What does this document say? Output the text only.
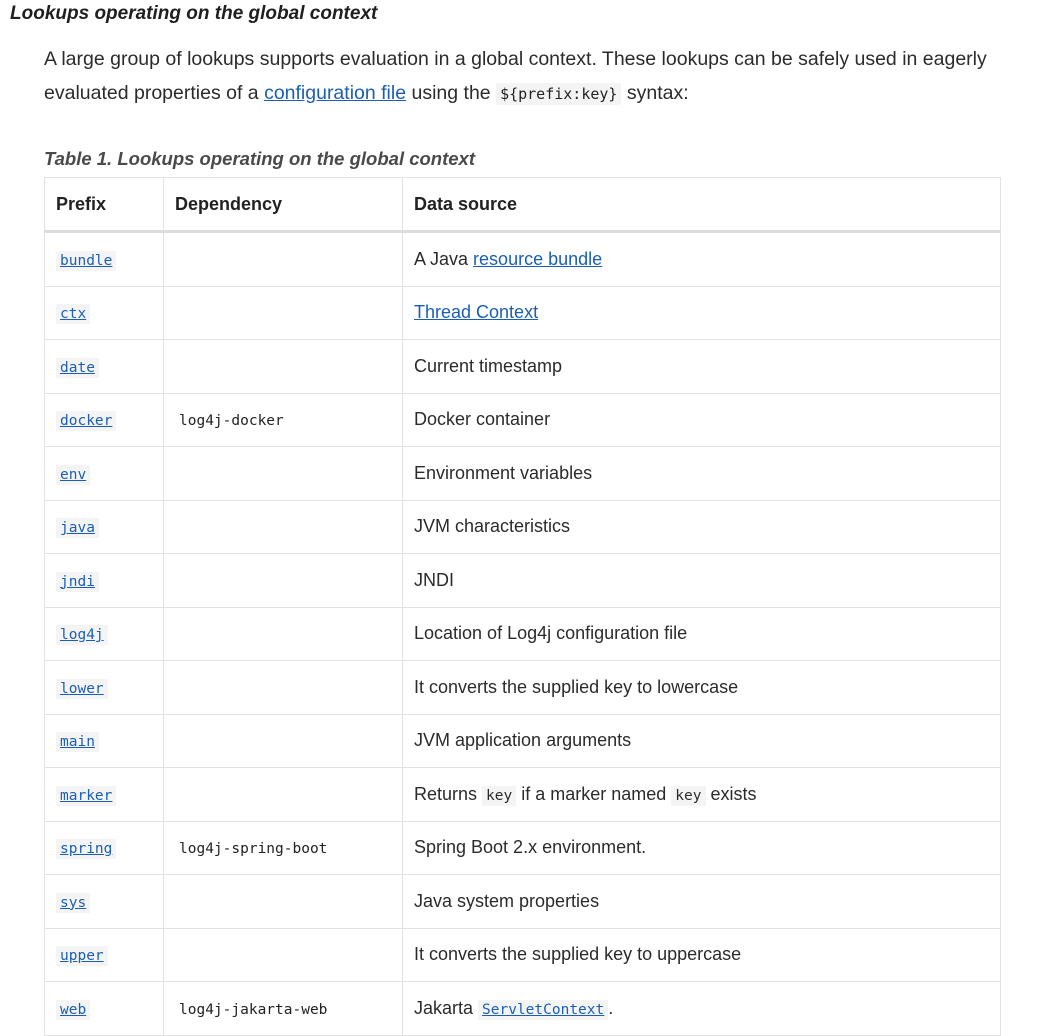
Lookups operating on the global context

A large group of lookups supports evaluation in a global context. These lookups can be safely used in eagerly evaluated properties of a configuration file using the ${prefix:key} syntax:

Table 1. Lookups operating on the global context
Prefix	Dependency	Data source
bundle		A Java resource bundle
ctx		Thread Context
date		Current timestamp
docker	log4j-docker	Docker container
env		Environment variables
java		JVM characteristics
jndi		JNDI
log4j		Location of Log4j configuration file
lower		It converts the supplied key to lowercase
main		JVM application arguments
marker		Returns key if a marker named key exists
spring	log4j-spring-boot	Spring Boot 2.x environment.
sys		Java system properties
upper		It converts the supplied key to uppercase
web	log4j-jakarta-web	Jakarta ServletContext .
